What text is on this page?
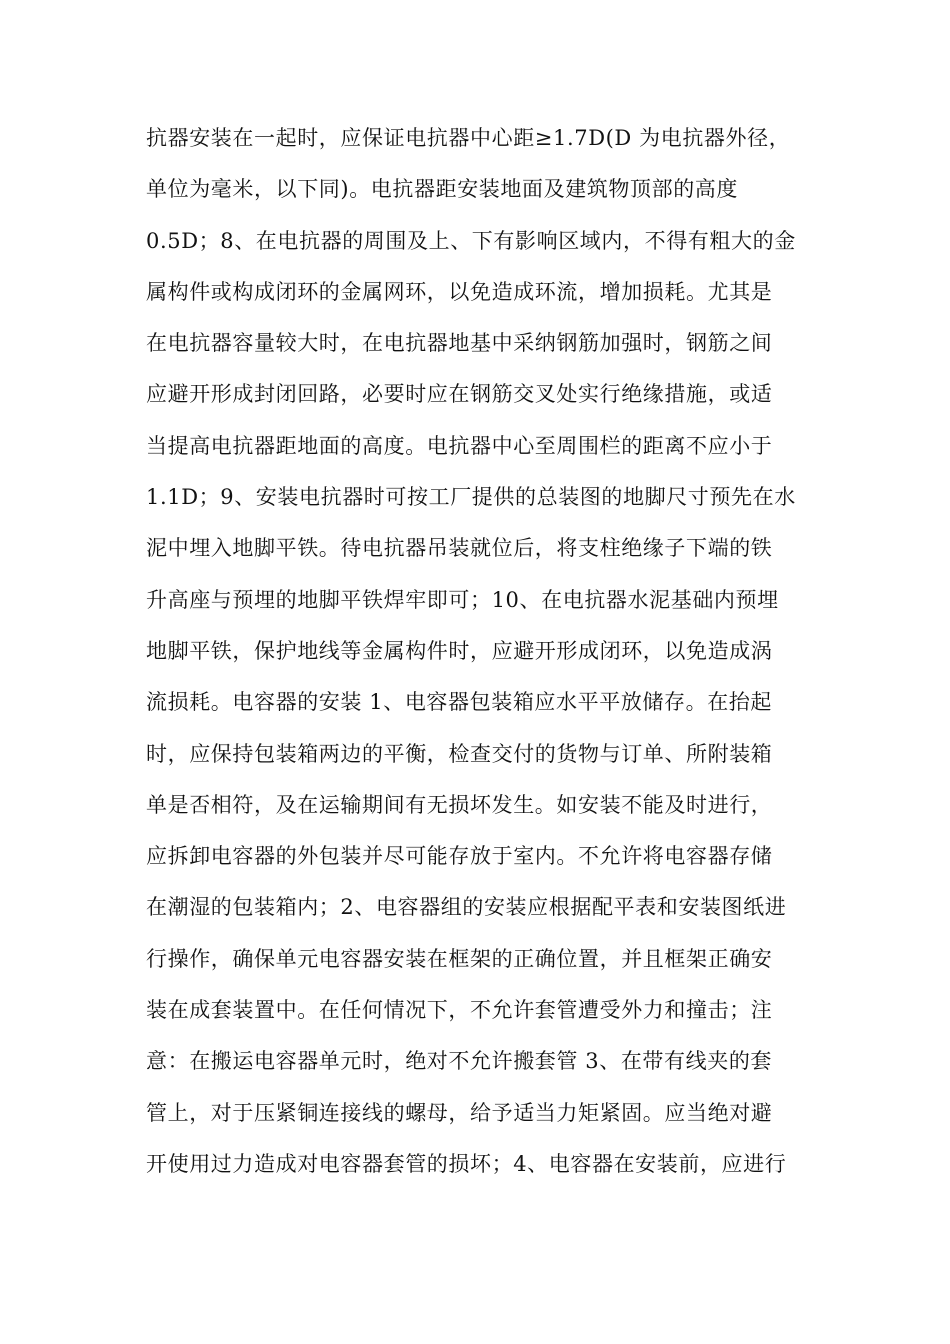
抗器安装在一起时，应保证电抗器中心距≥1.7D(D 为电抗器外径，
单位为毫米，以下同)。电抗器距安装地面及建筑物顶部的高度
0.5D；8、在电抗器的周围及上、下有影响区域内，不得有粗大的金
属构件或构成闭环的金属网环，以免造成环流，增加损耗。尤其是
在电抗器容量较大时，在电抗器地基中采纳钢筋加强时，钢筋之间
应避开形成封闭回路，必要时应在钢筋交叉处实行绝缘措施，或适
当提高电抗器距地面的高度。电抗器中心至周围栏的距离不应小于
1.1D；9、安装电抗器时可按工厂提供的总装图的地脚尺寸预先在水
泥中埋入地脚平铁。待电抗器吊装就位后，将支柱绝缘子下端的铁
升高座与预埋的地脚平铁焊牢即可；10、在电抗器水泥基础内预埋
地脚平铁，保护地线等金属构件时，应避开形成闭环，以免造成涡
流损耗。电容器的安装 1、电容器包装箱应水平平放储存。在抬起
时，应保持包装箱两边的平衡，检查交付的货物与订单、所附装箱
单是否相符，及在运输期间有无损坏发生。如安装不能及时进行，
应拆卸电容器的外包装并尽可能存放于室内。不允许将电容器存储
在潮湿的包装箱内；2、电容器组的安装应根据配平表和安装图纸进
行操作，确保单元电容器安装在框架的正确位置，并且框架正确安
装在成套装置中。在任何情况下，不允许套管遭受外力和撞击；注
意：在搬运电容器单元时，绝对不允许搬套管 3、在带有线夹的套
管上，对于压紧铜连接线的螺母，给予适当力矩紧固。应当绝对避
开使用过力造成对电容器套管的损坏；4、电容器在安装前，应进行
